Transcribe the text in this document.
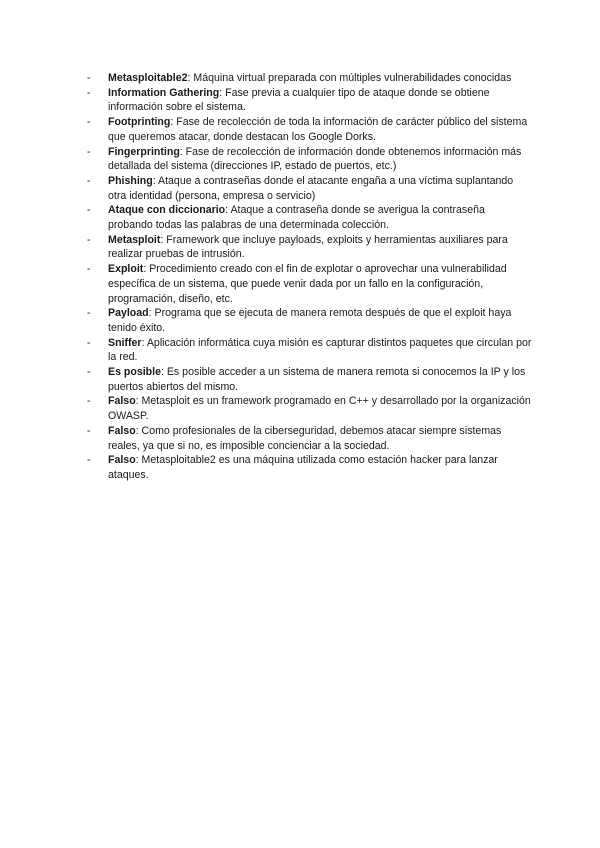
-	Metasploitable2: Máquina virtual preparada con múltiples vulnerabilidades conocidas
-	Information Gathering: Fase previa a cualquier tipo de ataque donde se obtiene información sobre el sistema.
-	Footprinting: Fase de recolección de toda la información de carácter público del sistema que queremos atacar, donde destacan los Google Dorks.
-	Fingerprinting: Fase de recolección de información donde obtenemos información más detallada del sistema (direcciones IP, estado de puertos, etc.)
-	Phishing: Ataque a contraseñas donde el atacante engaña a una víctima suplantando otra identidad (persona, empresa o servicio)
-	Ataque con diccionario: Ataque a contraseña donde se averigua la contraseña probando todas las palabras de una determinada colección.
-	Metasploit: Framework que incluye payloads, exploits y herramientas auxiliares para realizar pruebas de intrusión.
-	Exploit: Procedimiento creado con el fin de explotar o aprovechar una vulnerabilidad específica de un sistema, que puede venir dada por un fallo en la configuración, programación, diseño, etc.
-	Payload: Programa que se ejecuta de manera remota después de que el exploit haya tenido éxito.
-	Sniffer: Aplicación informática cuya misión es capturar distintos paquetes que circulan por la red.
-	Es posible: Es posible acceder a un sistema de manera remota si conocemos la IP y los puertos abiertos del mismo.
-	Falso: Metasploit es un framework programado en C++ y desarrollado por la organización OWASP.
-	Falso: Como profesionales de la ciberseguridad, debemos atacar siempre sistemas reales, ya que si no, es imposible concienciar a la sociedad.
-	Falso: Metasploitable2 es una máquina utilizada como estación hacker para lanzar ataques.
